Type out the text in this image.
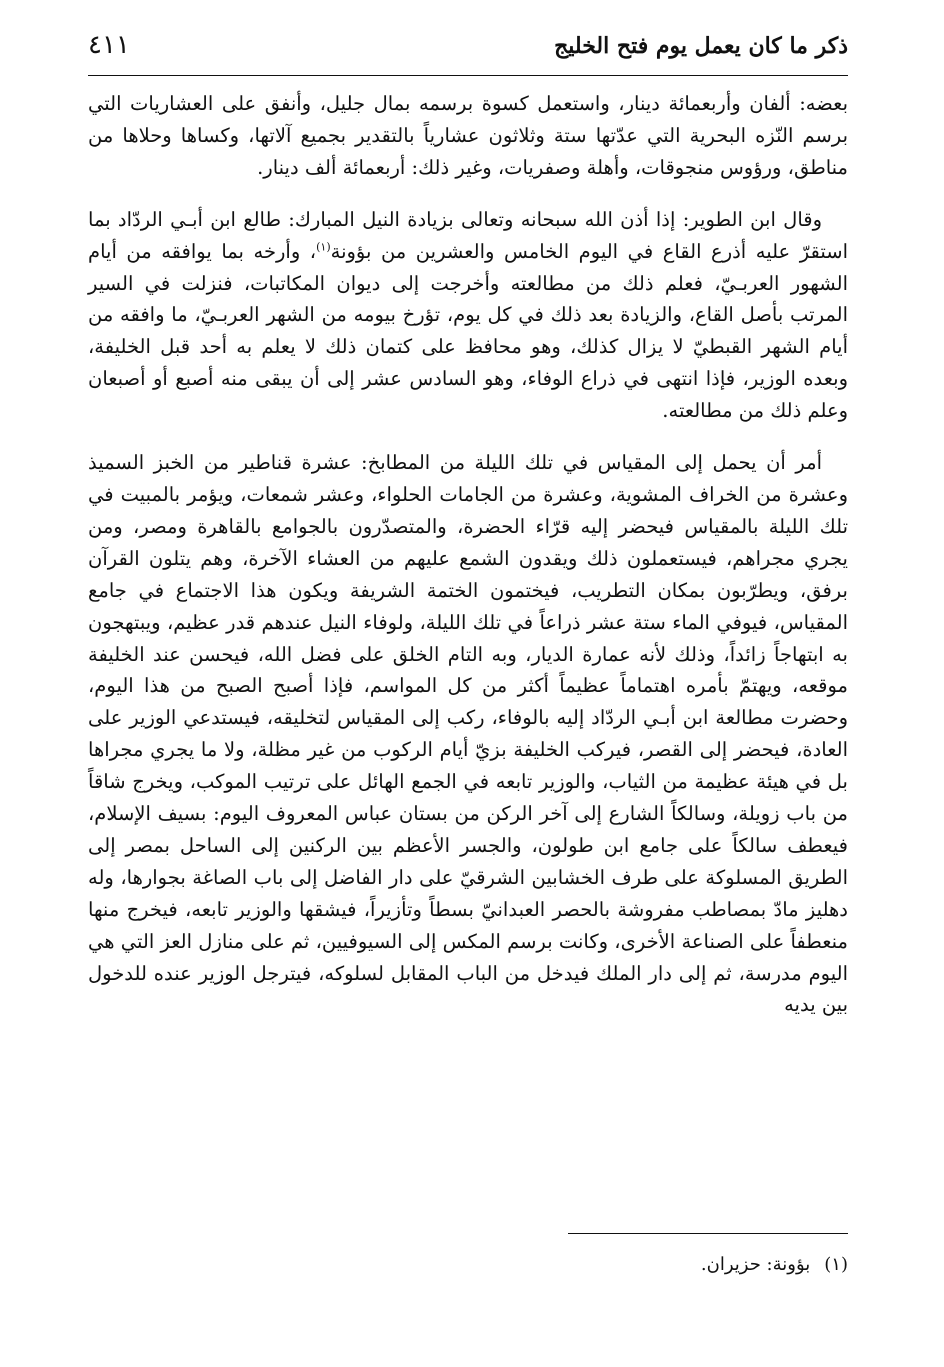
ذكر ما كان يعمل يوم فتح الخليج
٤١١

بعضه: ألفان وأربعمائة دينار، واستعمل كسوة برسمه بمال جليل، وأنفق على العشاريات التي برسم النّزه البحرية التي عدّتها ستة وثلاثون عشارياً بالتقدير بجميع آلاتها، وكساها وحلاها من مناطق، ورؤوس منجوقات، وأهلة وصفريات، وغير ذلك: أربعمائة ألف دينار.

وقال ابن الطوير: إذا أذن الله سبحانه وتعالى بزيادة النيل المبارك: طالع ابن أبـي الردّاد بما استقرّ عليه أذرع القاع في اليوم الخامس والعشرين من بؤونة$^{(١)}$، وأرخه بما يوافقه من أيام الشهور العربـيّ، فعلم ذلك من مطالعته وأخرجت إلى ديوان المكاتبات، فنزلت في السير المرتب بأصل القاع، والزيادة بعد ذلك في كل يوم، تؤرخ بيومه من الشهر العربـيّ، ما وافقه من أيام الشهر القبطيّ لا يزال كذلك، وهو محافظ على كتمان ذلك لا يعلم به أحد قبل الخليفة، وبعده الوزير، فإذا انتهى في ذراع الوفاء، وهو السادس عشر إلى أن يبقى منه أصبع أو أصبعان وعلم ذلك من مطالعته.

أمر أن يحمل إلى المقياس في تلك الليلة من المطابخ: عشرة قناطير من الخبز السميذ وعشرة من الخراف المشوية، وعشرة من الجامات الحلواء، وعشر شمعات، ويؤمر بالمبيت في تلك الليلة بالمقياس فيحضر إليه قرّاء الحضرة، والمتصدّرون بالجوامع بالقاهرة ومصر، ومن يجري مجراهم، فيستعملون ذلك ويقدون الشمع عليهم من العشاء الآخرة، وهم يتلون القرآن برفق، ويطرّبون بمكان التطريب، فيختمون الختمة الشريفة ويكون هذا الاجتماع في جامع المقياس، فيوفي الماء ستة عشر ذراعاً في تلك الليلة، ولوفاء النيل عندهم قدر عظيم، ويبتهجون به ابتهاجاً زائداً، وذلك لأنه عمارة الديار، وبه التام الخلق على فضل الله، فيحسن عند الخليفة موقعه، ويهتمّ بأمره اهتماماً عظيماً أكثر من كل المواسم، فإذا أصبح الصبح من هذا اليوم، وحضرت مطالعة ابن أبـي الردّاد إليه بالوفاء، ركب إلى المقياس لتخليقه، فيستدعي الوزير على العادة، فيحضر إلى القصر، فيركب الخليفة بزيّ أيام الركوب من غير مظلة، ولا ما يجري مجراها بل في هيئة عظيمة من الثياب، والوزير تابعه في الجمع الهائل على ترتيب الموكب، ويخرج شاقاً من باب زويلة، وسالكاً الشارع إلى آخر الركن من بستان عباس المعروف اليوم: بسيف الإسلام، فيعطف سالكاً على جامع ابن طولون، والجسر الأعظم بين الركنين إلى الساحل بمصر إلى الطريق المسلوكة على طرف الخشابين الشرقيّ على دار الفاضل إلى باب الصاغة بجوارها، وله دهليز مادّ بمصاطب مفروشة بالحصر العبدانيّ بسطاً وتأزيراً، فيشقها والوزير تابعه، فيخرج منها منعطفاً على الصناعة الأخرى، وكانت برسم المكس إلى السيوفيين، ثم على منازل العز التي هي اليوم مدرسة، ثم إلى دار الملك فيدخل من الباب المقابل لسلوكه، فيترجل الوزير عنده للدخول بين يديه

(١)بؤونة: حزيران.
